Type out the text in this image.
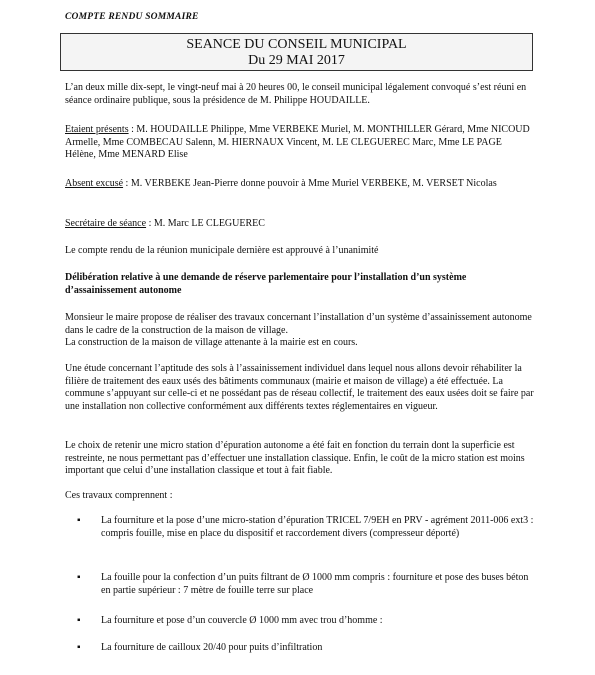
COMPTE RENDU SOMMAIRE
SEANCE DU CONSEIL MUNICIPAL
Du 29 MAI 2017

L’an deux mille dix-sept, le vingt-neuf mai à 20 heures 00, le conseil municipal légalement convoqué s’est réuni en séance ordinaire publique, sous la présidence de M. Philippe HOUDAILLE.

Etaient présents : M. HOUDAILLE Philippe, Mme VERBEKE Muriel, M. MONTHILLER Gérard, Mme NICOUD Armelle, Mme COMBECAU Salenn, M. HIERNAUX Vincent, M. LE CLEGUEREC Marc, Mme LE PAGE Hélène, Mme MENARD Elise

Absent excusé : M. VERBEKE Jean-Pierre donne pouvoir à Mme Muriel VERBEKE, M. VERSET Nicolas

Secrétaire de séance : M. Marc LE CLEGUEREC

Le compte rendu de la réunion municipale dernière est approuvé à l’unanimité

Délibération relative à une demande de réserve parlementaire pour l’installation d’un système d’assainissement autonome

Monsieur le maire propose de réaliser des travaux concernant l’installation d’un système d’assainissement autonome dans le cadre de la construction de la maison de village.
La construction de la maison de village attenante à la mairie est en cours.

Une étude concernant l’aptitude des sols à l’assainissement individuel dans lequel nous allons devoir réhabiliter la filière de traitement des eaux usés des bâtiments communaux (mairie et maison de village) a été effectuée. La commune s’appuyant sur celle-ci et ne possédant pas de réseau collectif, le traitement des eaux usées doit se faire par une installation non collective conformément aux différents textes réglementaires en vigueur.

Le choix de retenir une micro station d’épuration autonome a été fait en fonction du terrain dont la superficie est restreinte, ne nous permettant pas d’effectuer une installation classique. Enfin, le coût de la micro station est moins important que celui d’une installation classique et tout à fait fiable.

Ces travaux comprennent :

▪ La fourniture et la pose d’une micro-station d’épuration TRICEL 7/9EH en PRV - agrément 2011-006 ext3 : compris fouille, mise en place du dispositif et raccordement divers (compresseur déporté)
▪ La fouille pour la confection d’un puits filtrant de Ø 1000 mm compris : fourniture et pose des buses béton en partie supérieur : 7 mètre de fouille terre sur place
▪ La fourniture et pose d’un couvercle Ø 1000 mm avec trou d’homme :
▪ La fourniture de cailloux 20/40 pour puits d’infiltration
